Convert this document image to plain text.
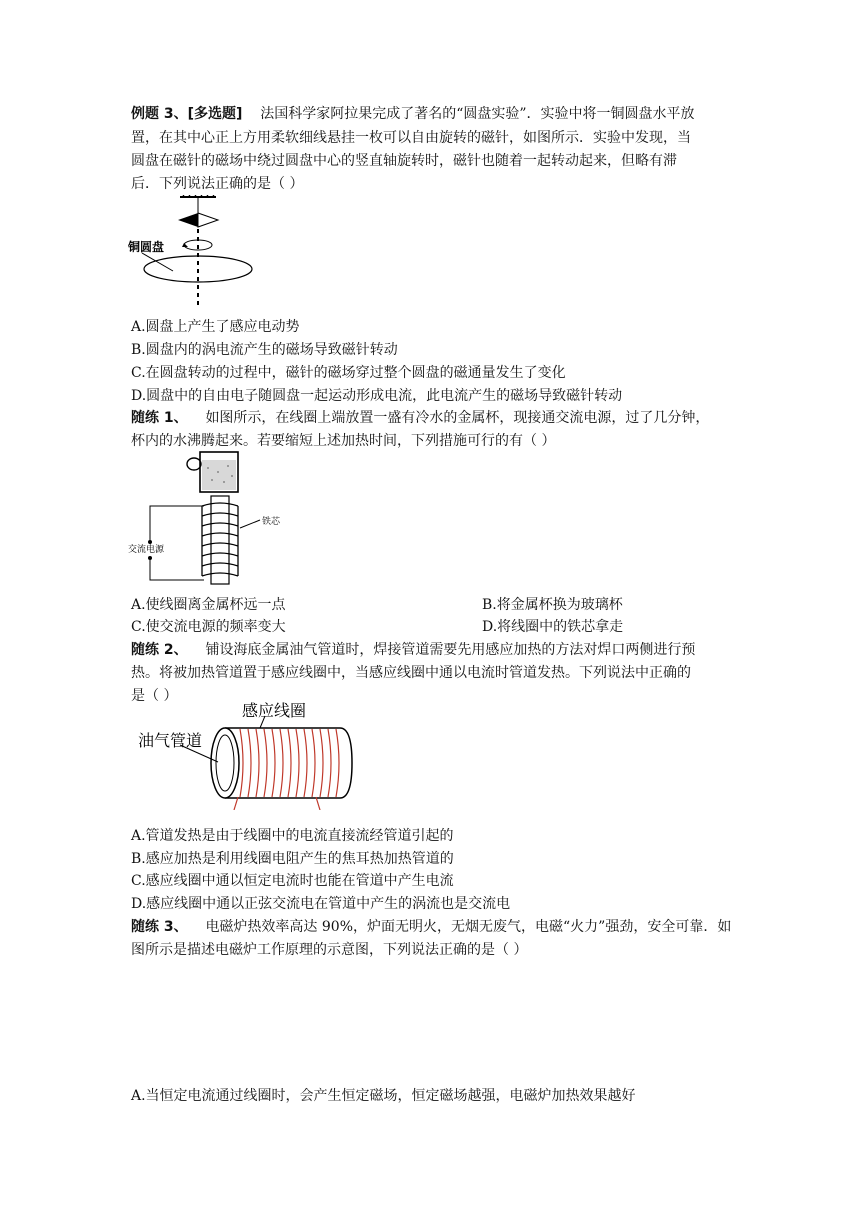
例题 3、[多选题] 法国科学家阿拉果完成了著名的“圆盘实验”．实验中将一铜圆盘水平放
置，在其中心正上方用柔软细线悬挂一枚可以自由旋转的磁针，如图所示．实验中发现，当
圆盘在磁针的磁场中绕过圆盘中心的竖直轴旋转时，磁针也随着一起转动起来，但略有滞
后．下列说法正确的是（ ）
铜圆盘
A.圆盘上产生了感应电动势
B.圆盘内的涡电流产生的磁场导致磁针转动
C.在圆盘转动的过程中，磁针的磁场穿过整个圆盘的磁通量发生了变化
D.圆盘中的自由电子随圆盘一起运动形成电流，此电流产生的磁场导致磁针转动
随练 1、 如图所示，在线圈上端放置一盛有冷水的金属杯，现接通交流电源，过了几分钟，
杯内的水沸腾起来。若要缩短上述加热时间，下列措施可行的有（ ）
交流电源
铁芯
A.使线圈离金属杯远一点	B.将金属杯换为玻璃杯
C.使交流电源的频率变大	D.将线圈中的铁芯拿走
随练 2、 铺设海底金属油气管道时，焊接管道需要先用感应加热的方法对焊口两侧进行预
热。将被加热管道置于感应线圈中，当感应线圈中通以电流时管道发热。下列说法中正确的
是（ ）
油气管道
感应线圈
A.管道发热是由于线圈中的电流直接流经管道引起的
B.感应加热是利用线圈电阻产生的焦耳热加热管道的
C.感应线圈中通以恒定电流时也能在管道中产生电流
D.感应线圈中通以正弦交流电在管道中产生的涡流也是交流电
随练 3、 电磁炉热效率高达 90%，炉面无明火，无烟无废气，电磁“火力”强劲，安全可靠．如
图所示是描述电磁炉工作原理的示意图，下列说法正确的是（ ）
A.当恒定电流通过线圈时，会产生恒定磁场，恒定磁场越强，电磁炉加热效果越好
